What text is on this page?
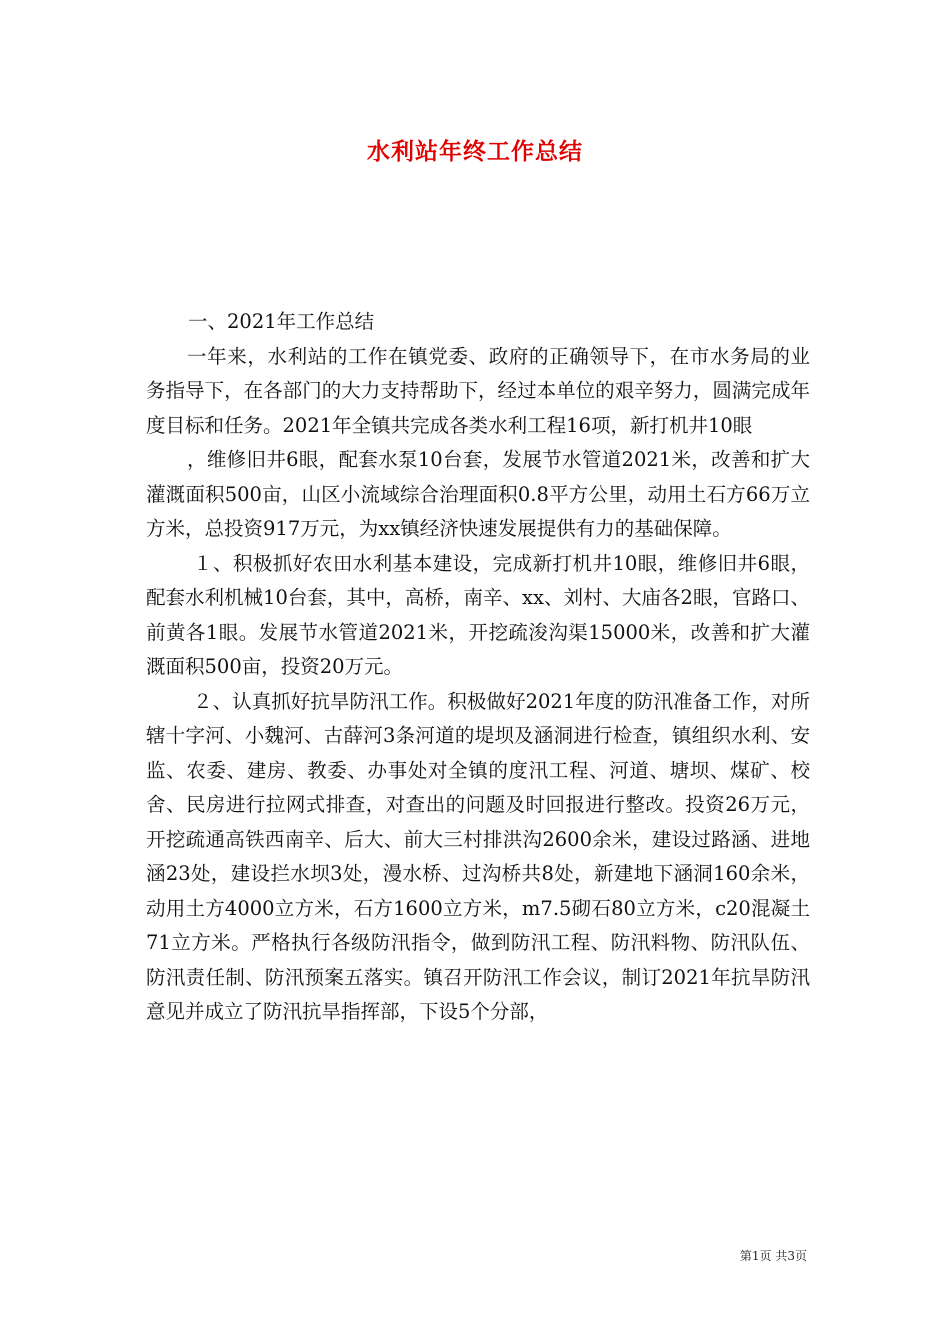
水利站年终工作总结

一、2021年工作总结

一年来，水利站的工作在镇党委、政府的正确领导下，在市水务局的业务指导下，在各部门的大力支持帮助下，经过本单位的艰辛努力，圆满完成年度目标和任务。2021年全镇共完成各类水利工程16项，新打机井10眼

，维修旧井6眼，配套水泵10台套，发展节水管道2021米，改善和扩大灌溉面积500亩，山区小流域综合治理面积0.8平方公里，动用土石方66万立方米，总投资917万元，为xx镇经济快速发展提供有力的基础保障。

１、积极抓好农田水利基本建设，完成新打机井10眼，维修旧井6眼，配套水利机械10台套，其中，高桥，南辛、xx、刘村、大庙各2眼，官路口、前黄各1眼。发展节水管道2021米，开挖疏浚沟渠15000米，改善和扩大灌溉面积500亩，投资20万元。

２、认真抓好抗旱防汛工作。积极做好2021年度的防汛准备工作，对所辖十字河、小魏河、古薛河3条河道的堤坝及涵洞进行检查，镇组织水利、安监、农委、建房、教委、办事处对全镇的度汛工程、河道、塘坝、煤矿、校舍、民房进行拉网式排查，对查出的问题及时回报进行整改。投资26万元，开挖疏通高铁西南辛、后大、前大三村排洪沟2600余米，建设过路涵、进地涵23处，建设拦水坝3处，漫水桥、过沟桥共8处，新建地下涵洞160余米，动用土方4000立方米，石方1600立方米，m7.5砌石80立方米，c20混凝土71立方米。严格执行各级防汛指令，做到防汛工程、防汛料物、防汛队伍、防汛责任制、防汛预案五落实。镇召开防汛工作会议，制订2021年抗旱防汛意见并成立了防汛抗旱指挥部，下设5个分部，

第1页 共3页
